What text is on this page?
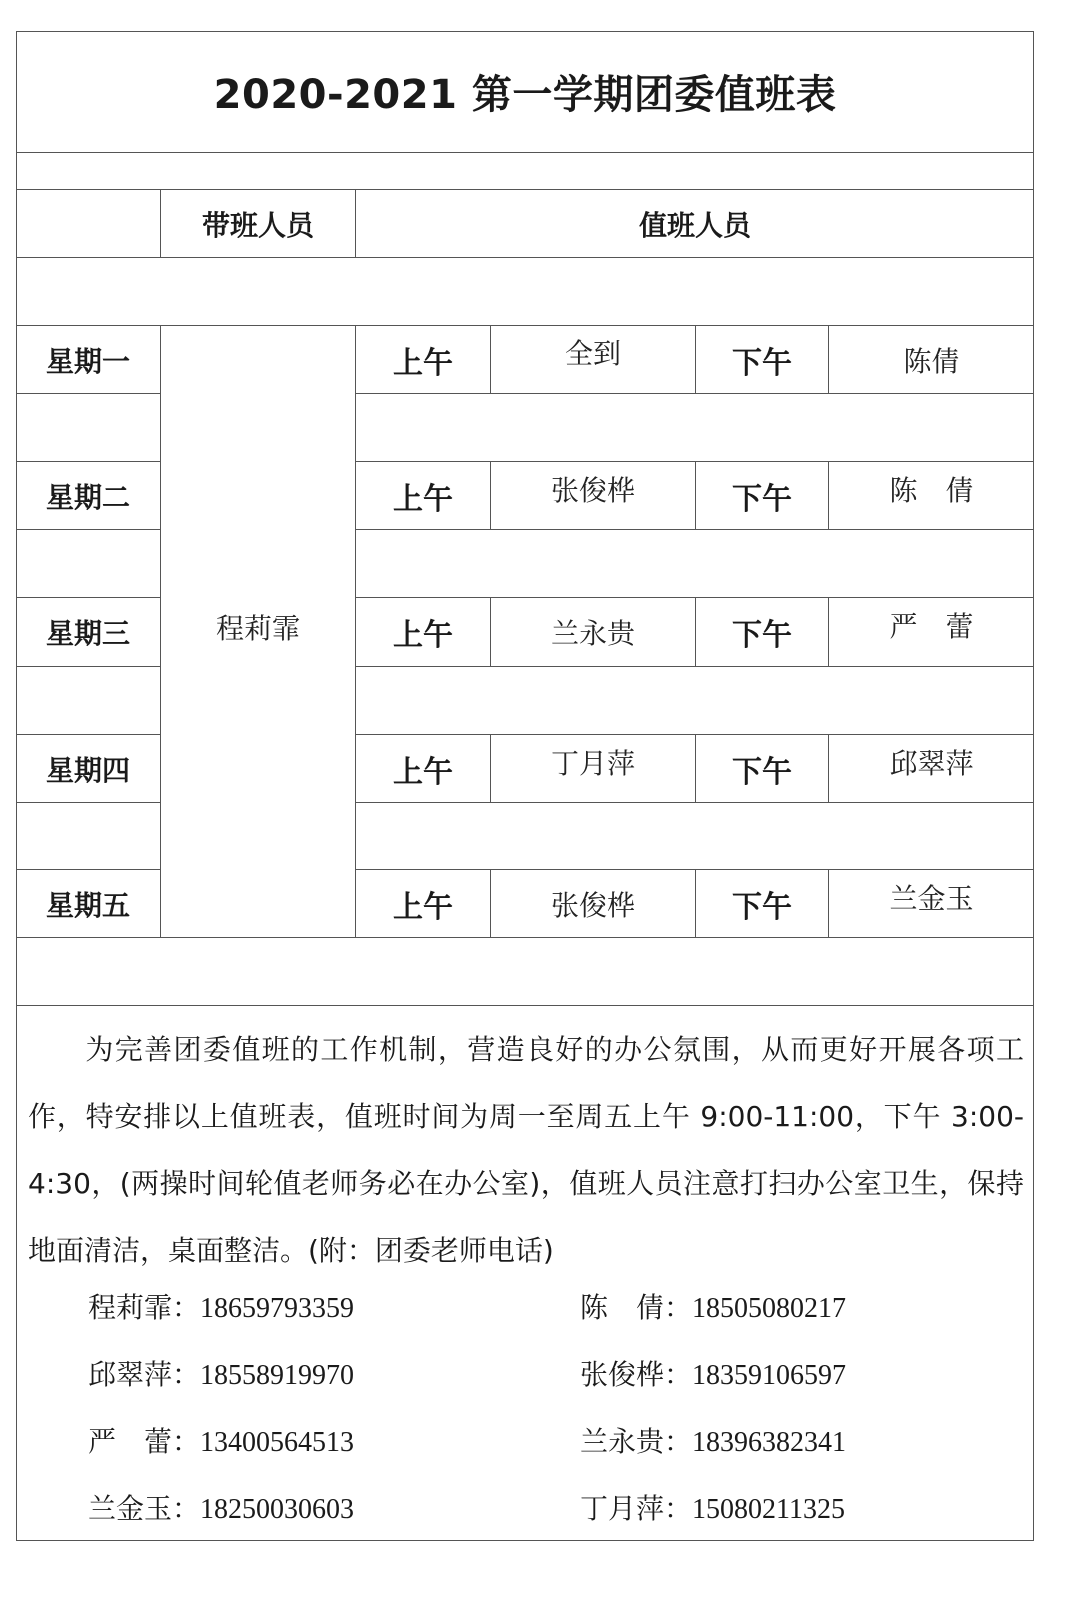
2020-2021 第一学期团委值班表
带班人员	值班人员
程莉霏
星期一	上午	全到	下午	陈倩
星期二	上午	张俊桦	下午	陈　倩
星期三	上午	兰永贵	下午	严　蕾
星期四	上午	丁月萍	下午	邱翠萍
星期五	上午	张俊桦	下午	兰金玉
为完善团委值班的工作机制，营造良好的办公氛围，从而更好开展各项工作，特安排以上值班表，值班时间为周一至周五上午 9:00-11:00，下午 3:00-4:30，(两操时间轮值老师务必在办公室)，值班人员注意打扫办公室卫生，保持地面清洁，桌面整洁。(附：团委老师电话)
程莉霏： 18659793359	陈　倩： 18505080217
邱翠萍： 18558919970	张俊桦： 18359106597
严　蕾： 13400564513	兰永贵： 18396382341
兰金玉： 18250030603	丁月萍： 15080211325
